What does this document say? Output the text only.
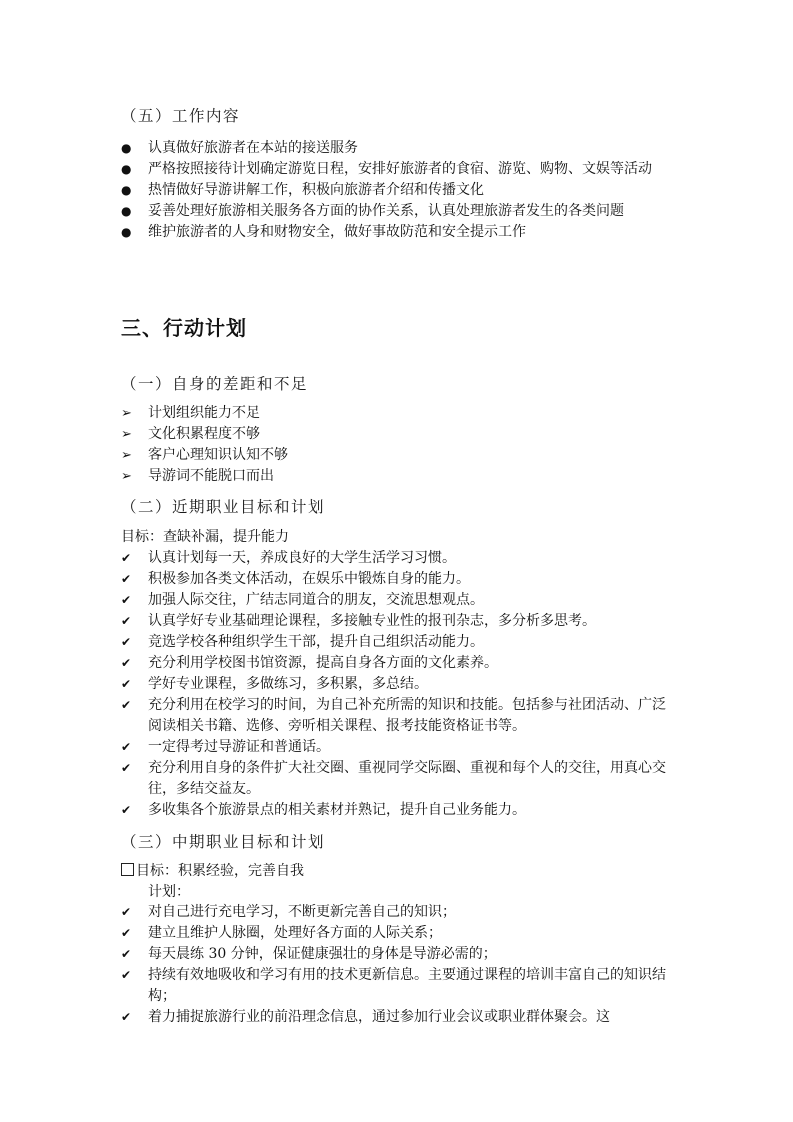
（五）工作内容
●
认真做好旅游者在本站的接送服务
●
严格按照接待计划确定游览日程，安排好旅游者的食宿、游览、购物、文娱等活动
●
热情做好导游讲解工作，积极向旅游者介绍和传播文化
●
妥善处理好旅游相关服务各方面的协作关系，认真处理旅游者发生的各类问题
●
维护旅游者的人身和财物安全，做好事故防范和安全提示工作
三、行动计划
（一）自身的差距和不足
➢
计划组织能力不足
➢
文化积累程度不够
➢
客户心理知识认知不够
➢
导游词不能脱口而出
（二）近期职业目标和计划
目标：查缺补漏，提升能力
✔
认真计划每一天，养成良好的大学生活学习习惯。
✔
积极参加各类文体活动，在娱乐中锻炼自身的能力。
✔
加强人际交往，广结志同道合的朋友，交流思想观点。
✔
认真学好专业基础理论课程，多接触专业性的报刊杂志，多分析多思考。
✔
竞选学校各种组织学生干部，提升自己组织活动能力。
✔
充分利用学校图书馆资源，提高自身各方面的文化素养。
✔
学好专业课程，多做练习，多积累，多总结。
✔
充分利用在校学习的时间，为自己补充所需的知识和技能。包括参与社团活动、广泛阅读相关书籍、选修、旁听相关课程、报考技能资格证书等。
✔
一定得考过导游证和普通话。
✔
充分利用自身的条件扩大社交圈、重视同学交际圈、重视和每个人的交往，用真心交往，多结交益友。
✔
多收集各个旅游景点的相关素材并熟记，提升自己业务能力。
（三）中期职业目标和计划
目标：积累经验，完善自我
计划：
✔
对自己进行充电学习，不断更新完善自己的知识；
✔
建立且维护人脉圈，处理好各方面的人际关系；
✔
每天晨练 30 分钟，保证健康强壮的身体是导游必需的；
✔
持续有效地吸收和学习有用的技术更新信息。主要通过课程的培训丰富自己的知识结构；
✔
着力捕捉旅游行业的前沿理念信息，通过参加行业会议或职业群体聚会。这
